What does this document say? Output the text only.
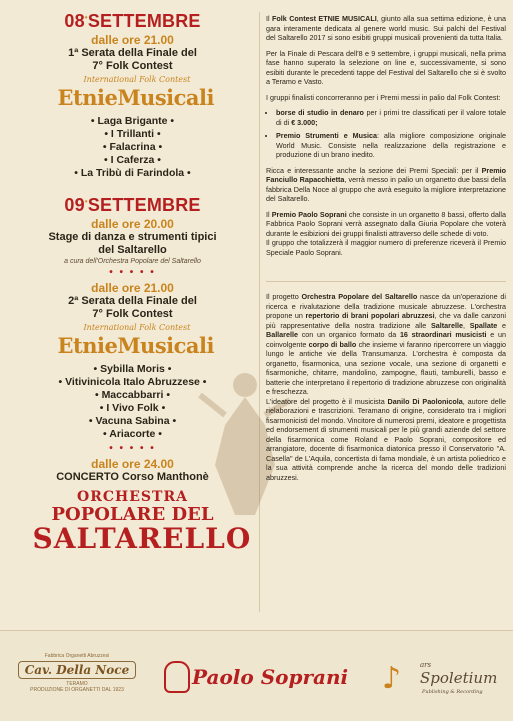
08•SETTEMBRE
dalle ore 21.00
1ª Serata della Finale del
7° Folk Contest
International Folk Contest
EtnieMusicali
• Laga Brigante •
• I Trillanti •
• Falacrina •
• I Caferza •
• La Tribù di Farindola •
09•SETTEMBRE
dalle ore 20.00
Stage di danza e strumenti tipici
del Saltarello
a cura dell'Orchestra Popolare del Saltarello
• • • • •
dalle ore 21.00
2ª Serata della Finale del
7° Folk Contest
International Folk Contest
EtnieMusicali
• Sybilla Moris •
• Vitivinicola Italo Abruzzese •
• Maccabbarri •
• I Vivo Folk •
• Vacuna Sabina •
• Ariacorte •
• • • • •
dalle ore 24.00
CONCERTO Corso Manthonè
ORCHESTRA
POPOLARE DEL
SALTARELLO

Il Folk Contest ETNIE MUSICALI, giunto alla sua settima edizione, è una gara interamente dedicata al genere world music. Sui palchi del Festival del Saltarello 2017 si sono esibiti gruppi musicali provenienti da tutta Italia.

Per la Finale di Pescara dell'8 e 9 settembre, i gruppi musicali, nella prima fase hanno superato la selezione on line e, successivamente, si sono esibiti durante le precedenti tappe del Festival del Saltarello che si è svolto a Teramo e Vasto.

I gruppi finalisti concorreranno per i Premi messi in palio dal Folk Contest:

• borse di studio in denaro per i primi tre classificati per il valore totale di di € 3.000;
• Premio Strumenti e Musica: alla migliore composizione originale World Music. Consiste nella realizzazione della registrazione e produzione di un brano inedito.

Ricca e interessante anche la sezione dei Premi Speciali: per il Premio Fanciullo Rapacchietta, verrà messo in palio un organetto due bassi della fabbrica Della Noce al gruppo che avrà eseguito la migliore interpretazione del Saltarello.

Il Premio Paolo Soprani che consiste in un organetto 8 bassi, offerto dalla Fabbrica Paolo Soprani verrà assegnato dalla Giuria Popolare che voterà durante le esibizioni dei gruppi finalisti attraverso delle schede di voto.

Il gruppo che totalizzerà il maggior numero di preferenze riceverà il Premio Speciale Paolo Soprani.

Il progetto Orchestra Popolare del Saltarello nasce da un'operazione di ricerca e rivalutazione della tradizione musicale abruzzese. L'orchestra propone un repertorio di brani popolari abruzzesi, che va dalle canzoni più rappresentative della nostra tradizione alle Saltarelle, Spallate e Ballarelle con un organico formato da 16 straordinari musicisti e un coinvolgente corpo di ballo che insieme vi faranno ripercorrere un viaggio lungo le antiche vie della Transumanza. L'orchestra è composta da organetto, fisarmonica, una sezione vocale, una sezione di organetti e fisarmoniche, chitarre, mandolino, zampogne, flauti, tamburelli, basso e batterie che interpretano il repertorio di tradizione abruzzese con originalità e freschezza.

L'ideatore del progetto è il musicista Danilo Di Paolonicola, autore delle rielaborazioni e trascrizioni. Teramano di origine, considerato tra i migliori fisarmonicisti del mondo. Vincitore di numerosi premi, ideatore e progettista ed endorsement di strumenti musicali per le più grandi aziende del settore della fisarmonica come Roland e Paolo Soprani, compositore ed arrangiatore, docente di fisarmonica diatonica presso il Conservatorio "A. Casella" de L'Aquila, concertista di fama mondiale, è un artista poliedrico e la sua attività comprende anche la ricerca del mondo delle tradizioni abruzzesi.

Fabbrica Organetti Abruzzesi
Cav. Della Noce
TERAMO
PRODUZIONE DI ORGANETTI DAL 1923
Paolo Soprani ♪	ars
Spoletium
Publishing & Recording
